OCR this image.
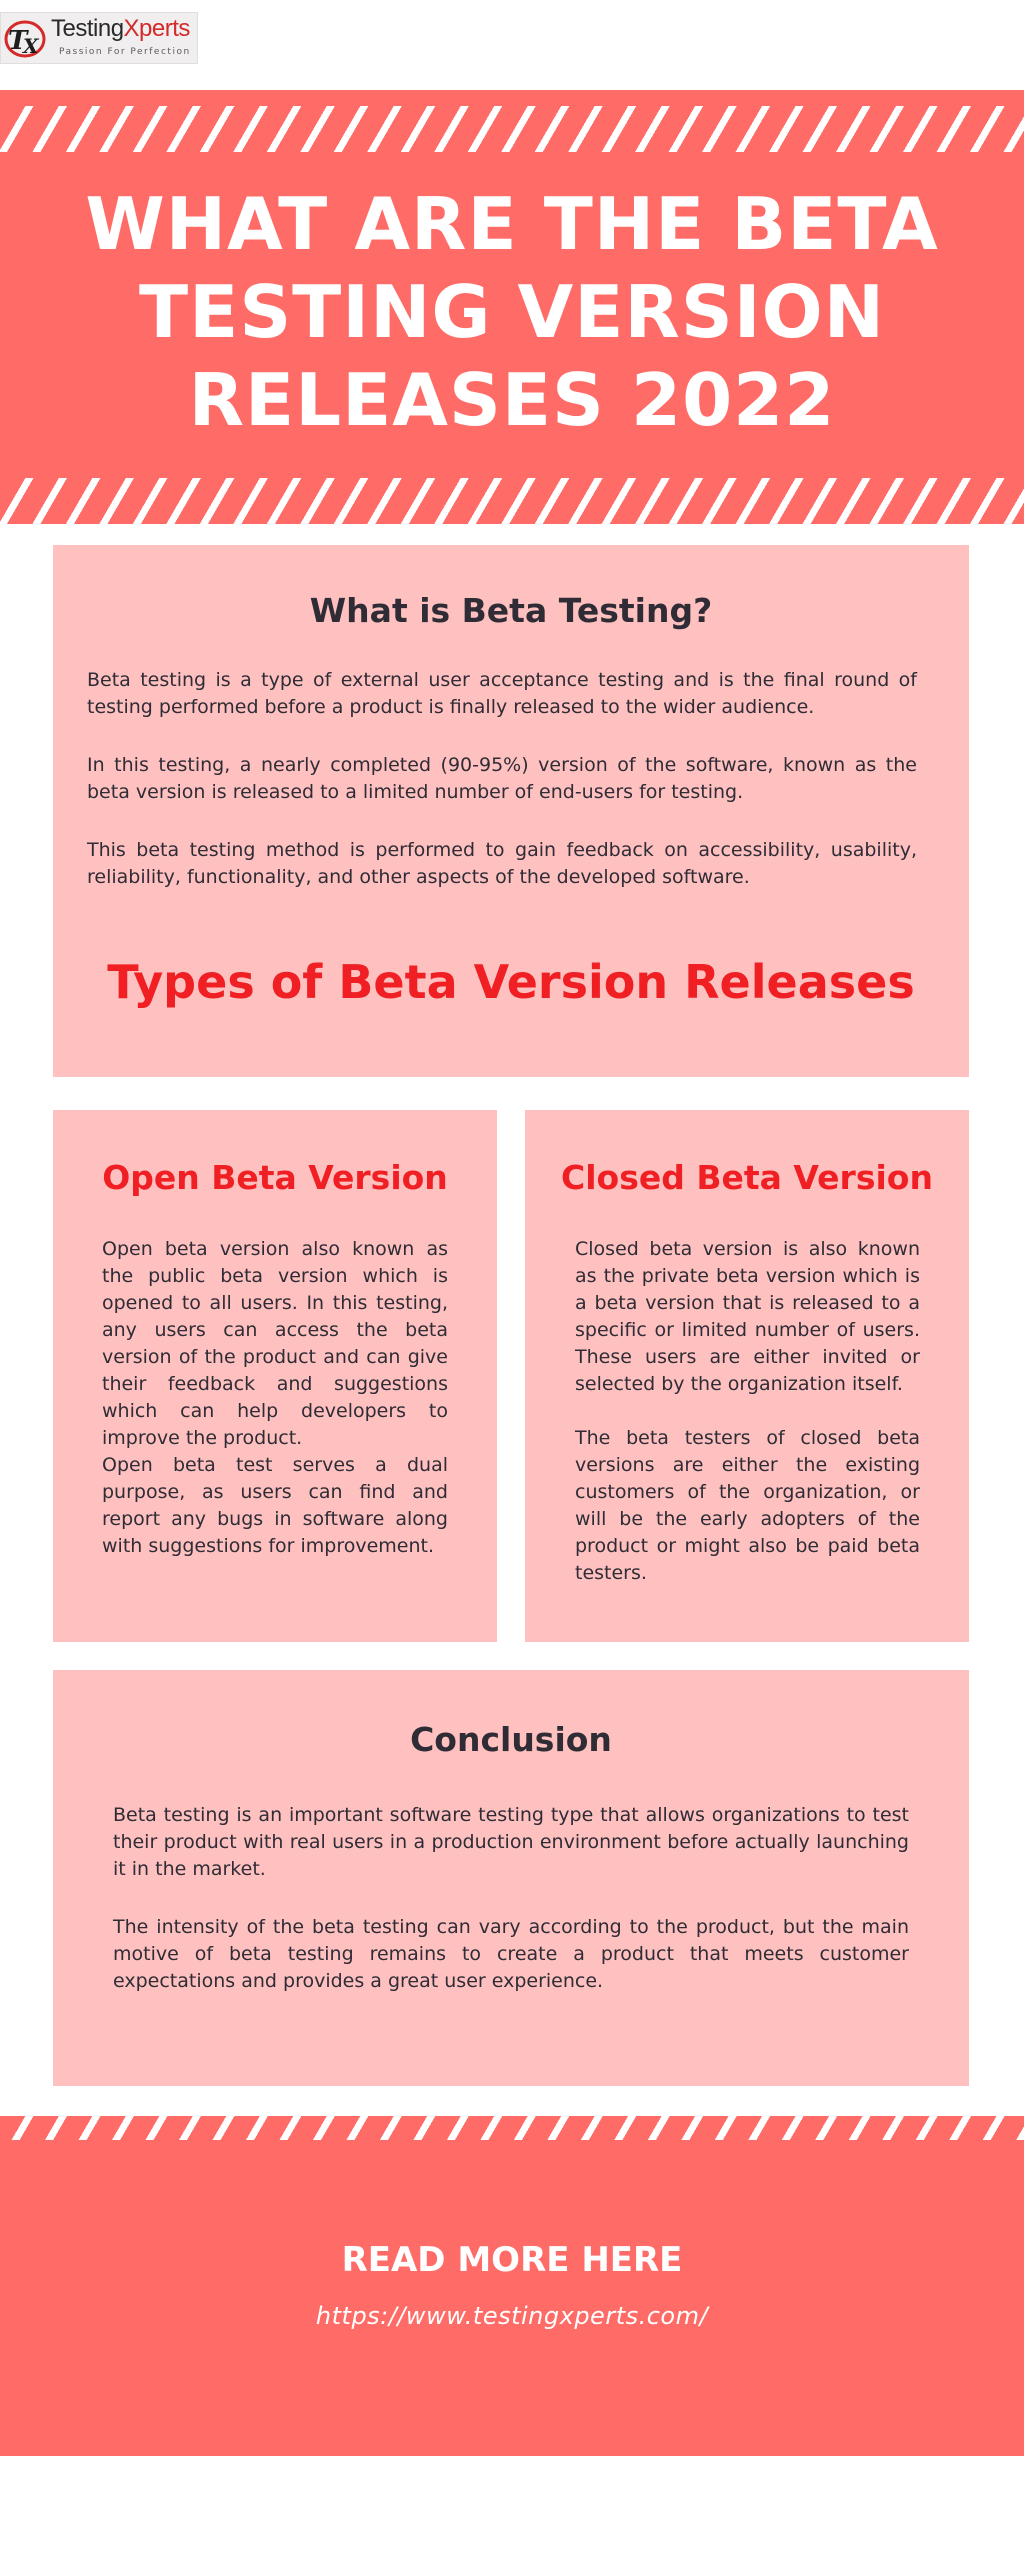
T
X
TestingXperts
Passion For Perfection
WHAT ARE THE BETA TESTING VERSION RELEASES 2022
What is Beta Testing?

Beta testing is a type of external user acceptance testing and is the final round of testing performed before a product is finally released to the wider audience.

In this testing, a nearly completed (90-95%) version of the software, known as the beta version is released to a limited number of end-users for testing.

This beta testing method is performed to gain feedback on accessibility, usability, reliability, functionality, and other aspects of the developed software.

Types of Beta Version Releases
Open Beta Version

Open beta version also known as the public beta version which is opened to all users. In this testing, any users can access the beta version of the product and can give their feedback and suggestions which can help developers to improve the product.

Open beta test serves a dual purpose, as users can find and report any bugs in software along with suggestions for improvement.

Closed Beta Version

Closed beta version is also known as the private beta version which is a beta version that is released to a specific or limited number of users. These users are either invited or selected by the organization itself.

The beta testers of closed beta versions are either the existing customers of the organization, or will be the early adopters of the product or might also be paid beta testers.

Conclusion

Beta testing is an important software testing type that allows organizations to test their product with real users in a production environment before actually launching it in the market.

The intensity of the beta testing can vary according to the product, but the main motive of beta testing remains to create a product that meets customer expectations and provides a great user experience.

READ MORE HERE
https://www.testingxperts.com/
